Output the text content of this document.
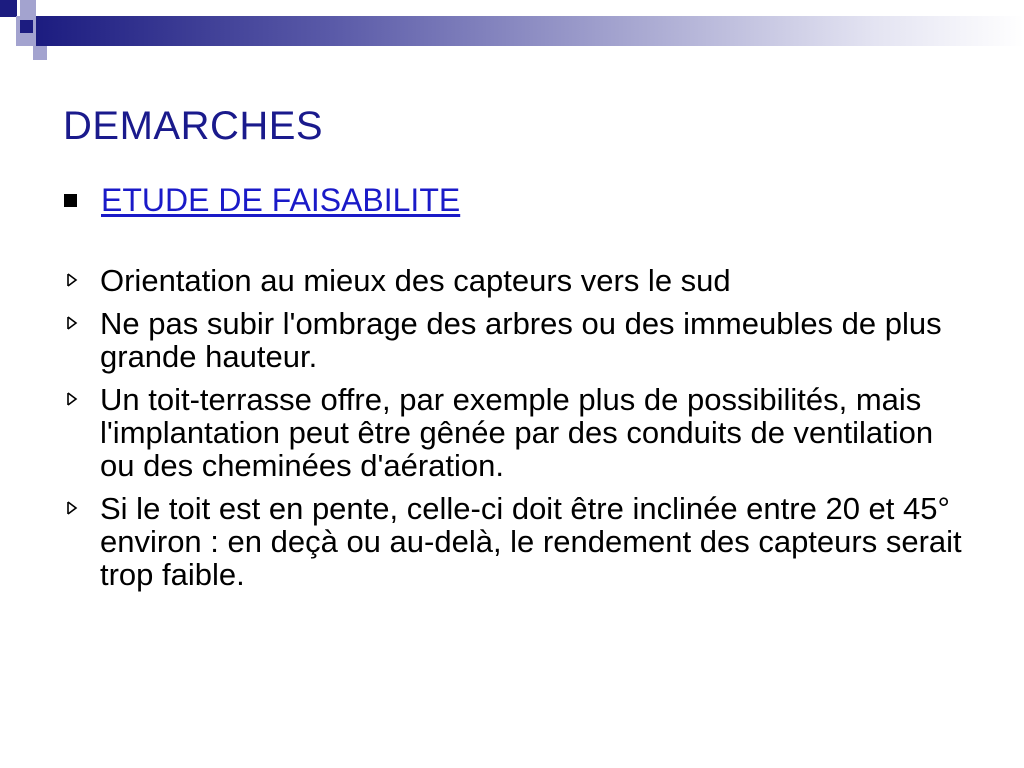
DEMARCHES
ETUDE DE FAISABILITE
Orientation au mieux des capteurs vers le sud
Ne pas subir l'ombrage des arbres ou des immeubles de plus grande hauteur.
Un toit-terrasse offre, par exemple plus de possibilités, mais l'implantation peut être gênée par des conduits de ventilation ou des cheminées d'aération.
Si le toit est en pente, celle-ci doit être inclinée entre 20 et 45° environ : en deçà ou au-delà, le rendement des capteurs serait trop faible.
